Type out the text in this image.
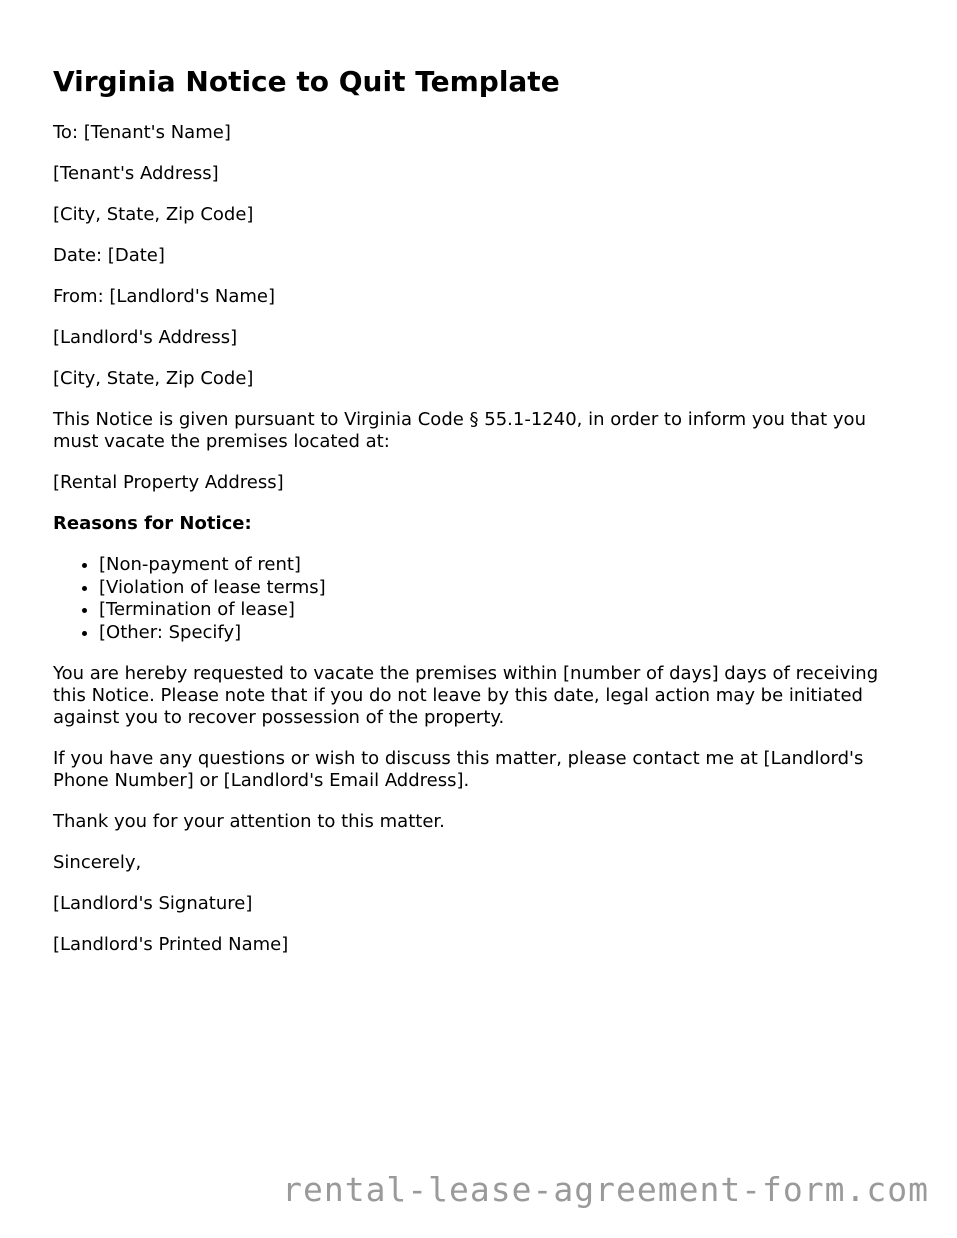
Virginia Notice to Quit Template

To: [Tenant's Name]

[Tenant's Address]

[City, State, Zip Code]

Date: [Date]

From: [Landlord's Name]

[Landlord's Address]

[City, State, Zip Code]

This Notice is given pursuant to Virginia Code § 55.1-1240, in order to inform you that you must vacate the premises located at:

[Rental Property Address]

Reasons for Notice:

• [Non-payment of rent]
• [Violation of lease terms]
• [Termination of lease]
• [Other: Specify]

You are hereby requested to vacate the premises within [number of days] days of receiving this Notice. Please note that if you do not leave by this date, legal action may be initiated against you to recover possession of the property.

If you have any questions or wish to discuss this matter, please contact me at [Landlord's Phone Number] or [Landlord's Email Address].

Thank you for your attention to this matter.

Sincerely,

[Landlord's Signature]

[Landlord's Printed Name]

rental-lease-agreement-form.com
